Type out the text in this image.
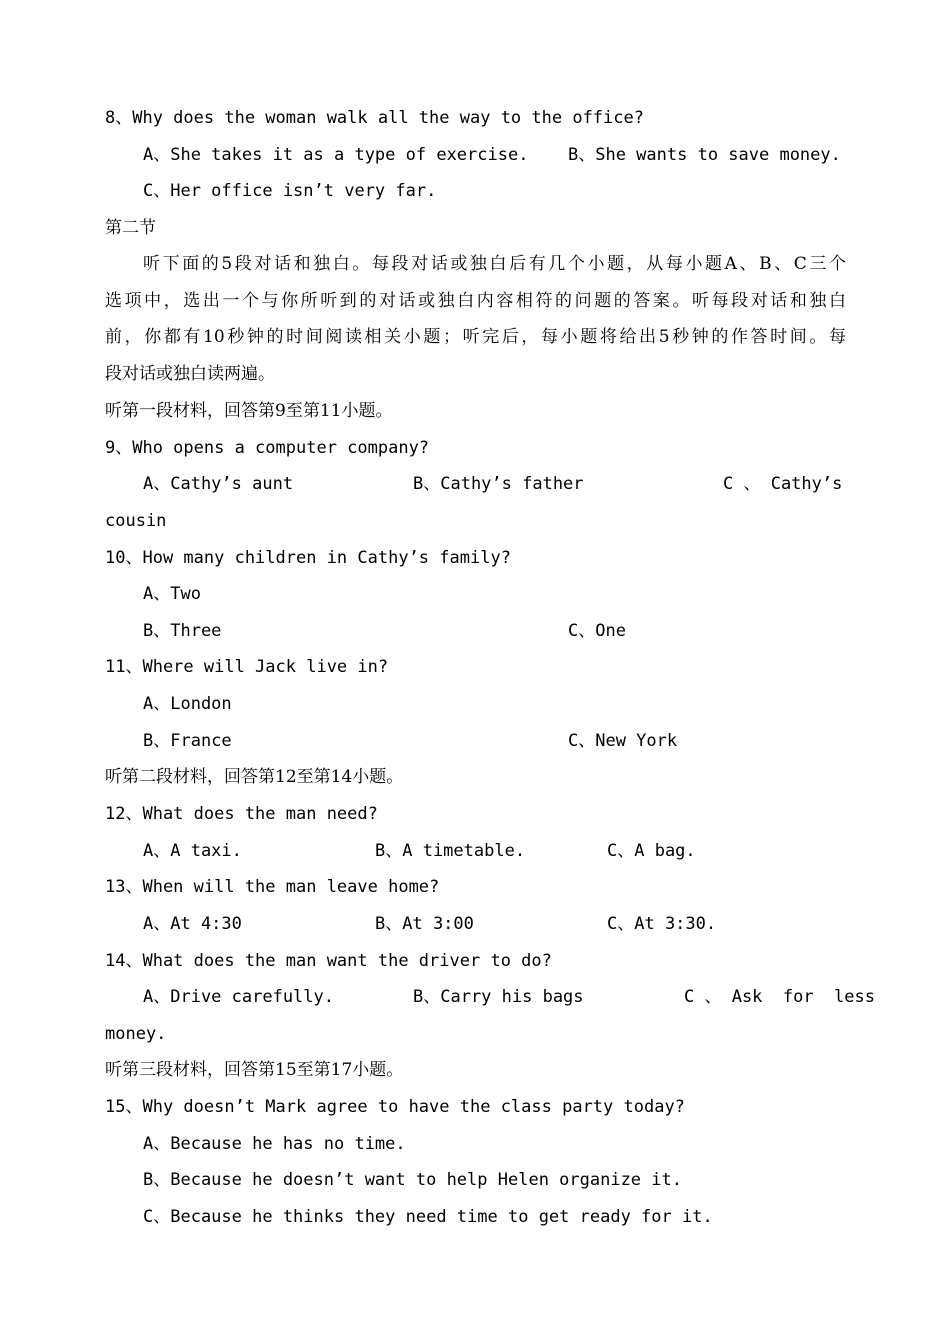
8、Why does the woman walk all the way to the office?

A、She takes it as a type of exercise.

B、She wants to save money.

C、Her office isn’t very far.
第二节
听下面的5段对话和独白。每段对话或独白后有几个小题，从每小题A、B、C三个
选项中，选出一个与你所听到的对话或独白内容相符的问题的答案。听每段对话和独白
前，你都有10秒钟的时间阅读相关小题；听完后，每小题将给出5秒钟的作答时间。每
段对话或独白读两遍。
听第一段材料，回答第9至第11小题。
9、Who opens a computer company?

A、Cathy’s aunt

	B、Cathy’s father

	C 、 Cathy’s

cousin
10、How many children in Cathy’s family?
A、Two

B、Three

	C、One

11、Where will Jack live in?
A、London

B、France

	C、New York

听第二段材料，回答第12至第14小题。
12、What does the man need?

A、A taxi.

	B、A timetable.

	C、A bag.

13、When will the man leave home?

A、At 4:30

	B、At 3:00

	C、At 3:30.

14、What does the man want the driver to do?

A、Drive carefully.

	B、Carry his bags

	C 、 Ask  for  less

money.
听第三段材料，回答第15至第17小题。
15、Why doesn’t Mark agree to have the class party today?
A、Because he has no time.
B、Because he doesn’t want to help Helen organize it.
C、Because he thinks they need time to get ready for it.
